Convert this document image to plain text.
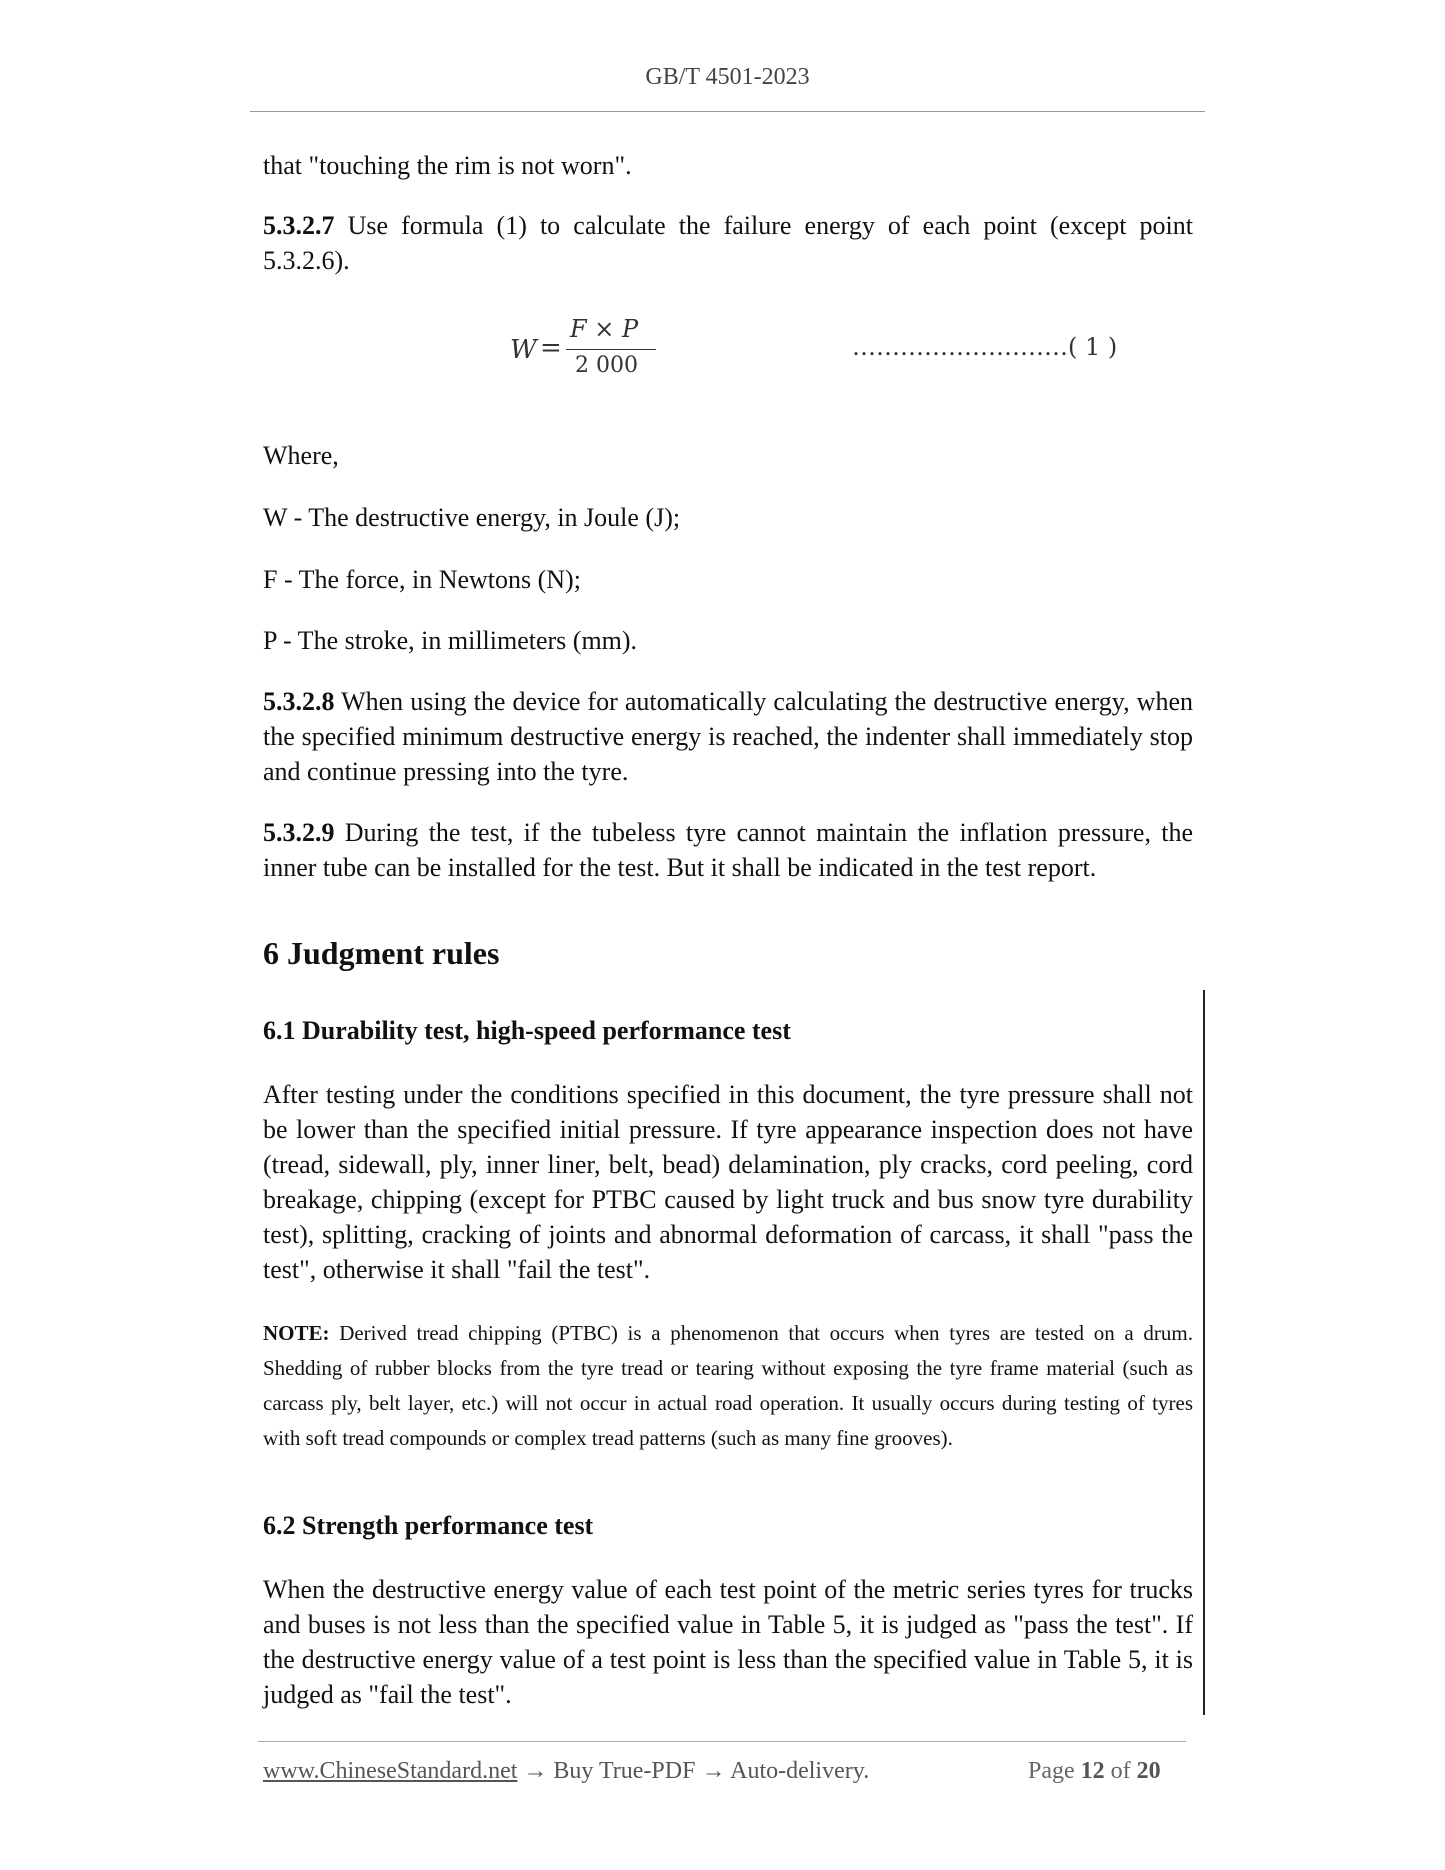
GB/T 4501-2023
that "touching the rim is not worn".
5.3.2.7 Use formula (1) to calculate the failure energy of each point (except point 5.3.2.6).
Where,
W - The destructive energy, in Joule (J);
F - The force, in Newtons (N);
P - The stroke, in millimeters (mm).
5.3.2.8 When using the device for automatically calculating the destructive energy, when the specified minimum destructive energy is reached, the indenter shall immediately stop and continue pressing into the tyre.
5.3.2.9 During the test, if the tubeless tyre cannot maintain the inflation pressure, the inner tube can be installed for the test. But it shall be indicated in the test report.
W =
F × P
2 000
………………………( 1 )
6 Judgment rules
6.1 Durability test, high-speed performance test
After testing under the conditions specified in this document, the tyre pressure shall not be lower than the specified initial pressure. If tyre appearance inspection does not have (tread, sidewall, ply, inner liner, belt, bead) delamination, ply cracks, cord peeling, cord breakage, chipping (except for PTBC caused by light truck and bus snow tyre durability test), splitting, cracking of joints and abnormal deformation of carcass, it shall "pass the test", otherwise it shall "fail the test".
NOTE: Derived tread chipping (PTBC) is a phenomenon that occurs when tyres are tested on a drum. Shedding of rubber blocks from the tyre tread or tearing without exposing the tyre frame material (such as carcass ply, belt layer, etc.) will not occur in actual road operation. It usually occurs during testing of tyres with soft tread compounds or complex tread patterns (such as many fine grooves).
6.2 Strength performance test
When the destructive energy value of each test point of the metric series tyres for trucks and buses is not less than the specified value in Table 5, it is judged as "pass the test". If the destructive energy value of a test point is less than the specified value in Table 5, it is judged as "fail the test".
www.ChineseStandard.net → Buy True-PDF → Auto-delivery.	Page 12 of 20
